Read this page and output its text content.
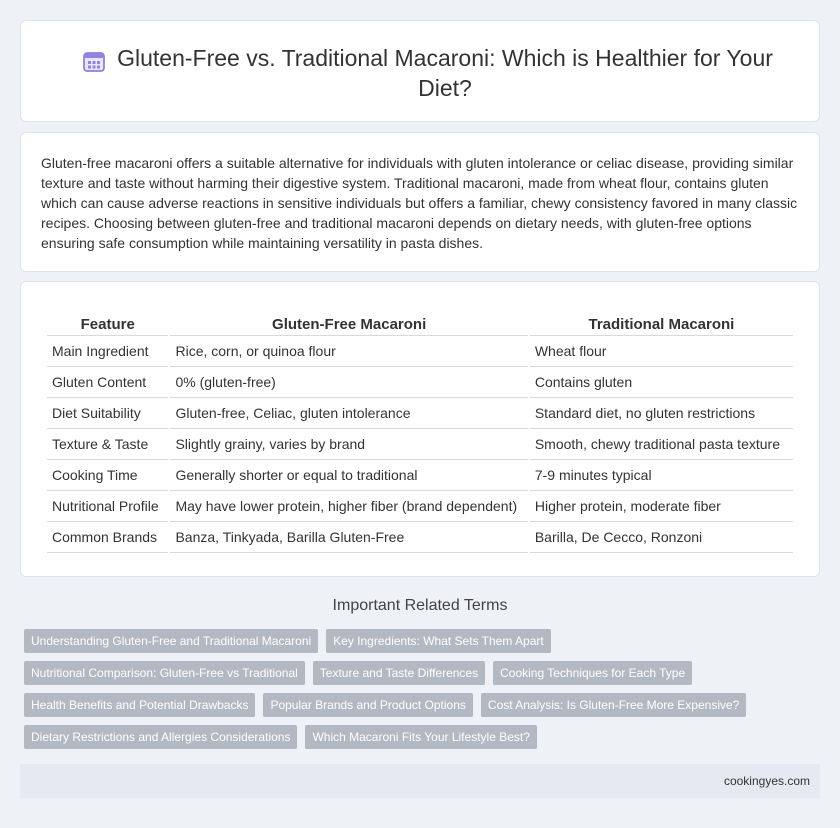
Gluten-Free vs. Traditional Macaroni: Which is Healthier for Your Diet?

Gluten-free macaroni offers a suitable alternative for individuals with gluten intolerance or celiac disease, providing similar texture and taste without harming their digestive system. Traditional macaroni, made from wheat flour, contains gluten which can cause adverse reactions in sensitive individuals but offers a familiar, chewy consistency favored in many classic recipes. Choosing between gluten-free and traditional macaroni depends on dietary needs, with gluten-free options ensuring safe consumption while maintaining versatility in pasta dishes.

Feature	Gluten-Free Macaroni	Traditional Macaroni
Main Ingredient	Rice, corn, or quinoa flour	Wheat flour
Gluten Content	0% (gluten-free)	Contains gluten
Diet Suitability	Gluten-free, Celiac, gluten intolerance	Standard diet, no gluten restrictions
Texture & Taste	Slightly grainy, varies by brand	Smooth, chewy traditional pasta texture
Cooking Time	Generally shorter or equal to traditional	7-9 minutes typical
Nutritional Profile	May have lower protein, higher fiber (brand dependent)	Higher protein, moderate fiber
Common Brands	Banza, Tinkyada, Barilla Gluten-Free	Barilla, De Cecco, Ronzoni
Important Related Terms
Understanding Gluten-Free and Traditional Macaroni	Key Ingredients: What Sets Them Apart
Nutritional Comparison: Gluten-Free vs Traditional	Texture and Taste Differences	Cooking Techniques for Each Type
Health Benefits and Potential Drawbacks	Popular Brands and Product Options	Cost Analysis: Is Gluten-Free More Expensive?
Dietary Restrictions and Allergies Considerations	Which Macaroni Fits Your Lifestyle Best?
cookingyes.com
